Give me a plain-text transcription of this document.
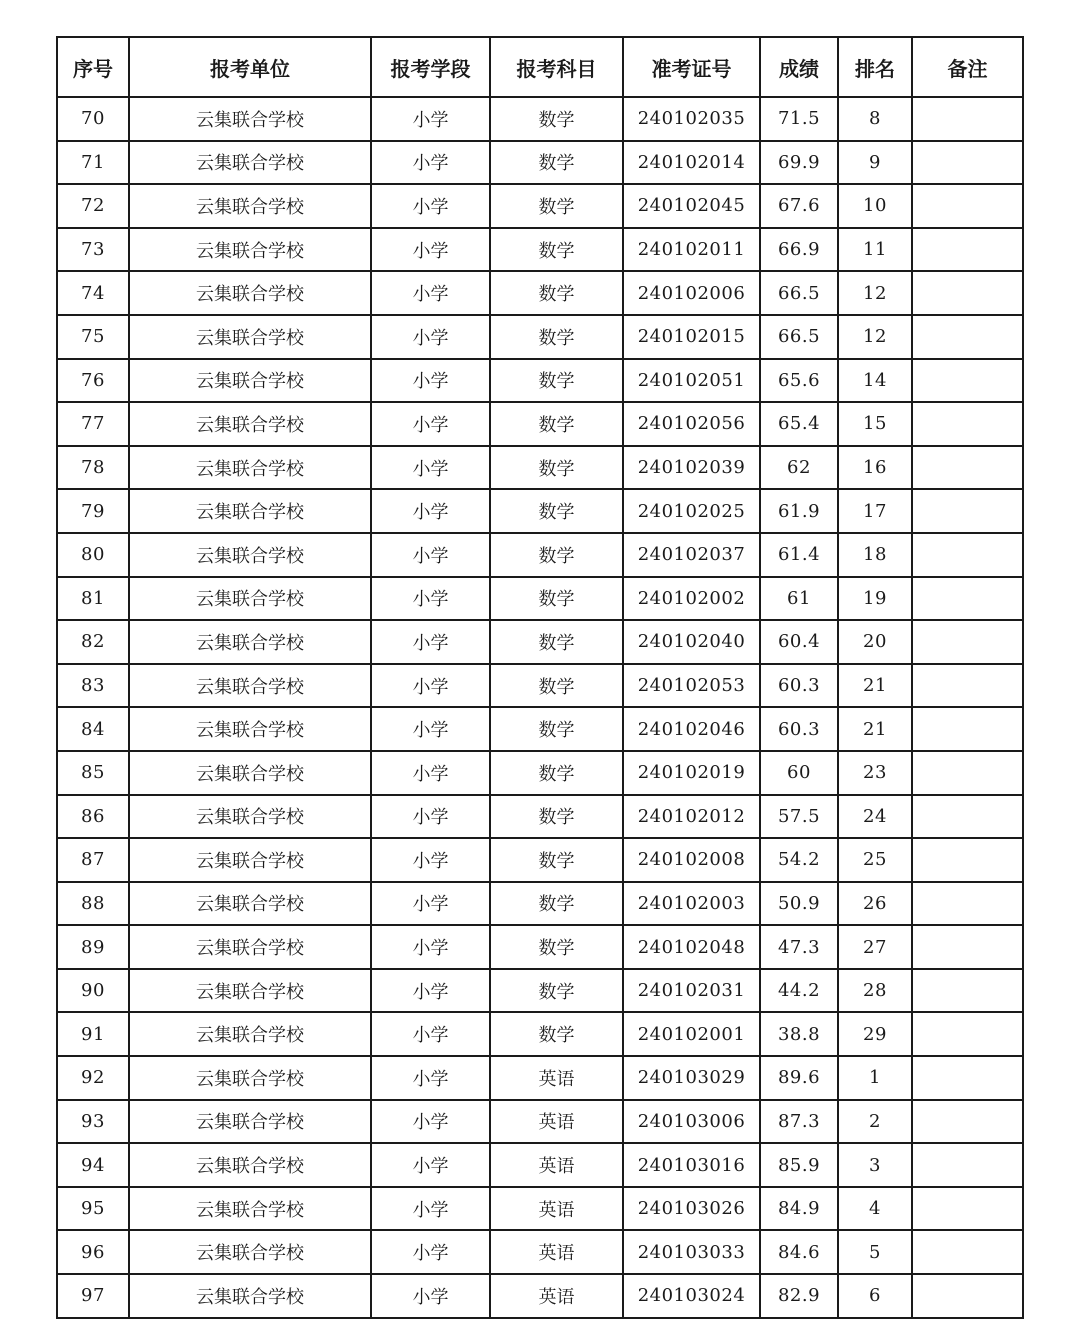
序号	报考单位	报考学段	报考科目	准考证号	成绩	排名	备注
70	云集联合学校	小学	数学	240102035	71.5	8	
71	云集联合学校	小学	数学	240102014	69.9	9	
72	云集联合学校	小学	数学	240102045	67.6	10	
73	云集联合学校	小学	数学	240102011	66.9	11	
74	云集联合学校	小学	数学	240102006	66.5	12	
75	云集联合学校	小学	数学	240102015	66.5	12	
76	云集联合学校	小学	数学	240102051	65.6	14	
77	云集联合学校	小学	数学	240102056	65.4	15	
78	云集联合学校	小学	数学	240102039	62	16	
79	云集联合学校	小学	数学	240102025	61.9	17	
80	云集联合学校	小学	数学	240102037	61.4	18	
81	云集联合学校	小学	数学	240102002	61	19	
82	云集联合学校	小学	数学	240102040	60.4	20	
83	云集联合学校	小学	数学	240102053	60.3	21	
84	云集联合学校	小学	数学	240102046	60.3	21	
85	云集联合学校	小学	数学	240102019	60	23	
86	云集联合学校	小学	数学	240102012	57.5	24	
87	云集联合学校	小学	数学	240102008	54.2	25	
88	云集联合学校	小学	数学	240102003	50.9	26	
89	云集联合学校	小学	数学	240102048	47.3	27	
90	云集联合学校	小学	数学	240102031	44.2	28	
91	云集联合学校	小学	数学	240102001	38.8	29	
92	云集联合学校	小学	英语	240103029	89.6	1	
93	云集联合学校	小学	英语	240103006	87.3	2	
94	云集联合学校	小学	英语	240103016	85.9	3	
95	云集联合学校	小学	英语	240103026	84.9	4	
96	云集联合学校	小学	英语	240103033	84.6	5	
97	云集联合学校	小学	英语	240103024	82.9	6	
